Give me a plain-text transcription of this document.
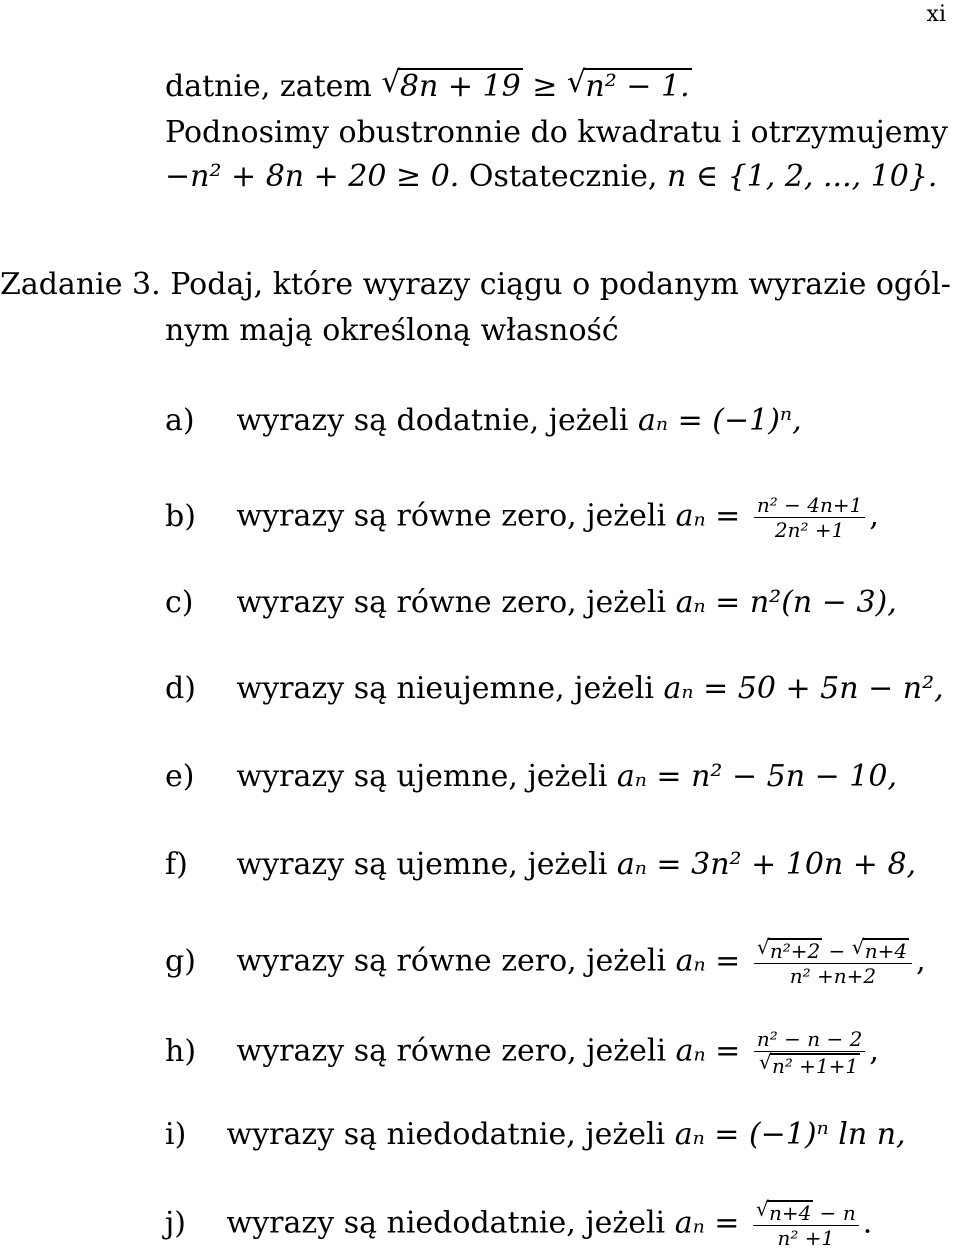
xi
datnie, zatem √ 8n + 19 ≥ √ n² − 1.
Podnosimy obustronnie do kwadratu i otrzymujemy
−n² + 8n + 20 ≥ 0. Ostatecznie, n ∈ {1, 2, ..., 10}.
Zadanie 3. Podaj, które wyrazy ciągu o podanym wyrazie ogól-
nym mają określoną własność
a) wyrazy są dodatnie, jeżeli aₙ = (−1)ⁿ,
b) wyrazy są równe zero, jeżeli $a_n = \frac{\text{n² − 4n+1}}{\text{2n² +1}}$ ,
c) wyrazy są równe zero, jeżeli aₙ = n²(n − 3),
d) wyrazy są nieujemne, jeżeli aₙ = 50 + 5n − n²,
e) wyrazy są ujemne, jeżeli aₙ = n² − 5n − 10,
f) wyrazy są ujemne, jeżeli aₙ = 3n² + 10n + 8,
g) wyrazy są równe zero, jeżeli aₙ = √ $\frac{\text{n²+2 − √ n+4}}{\text{n² +n+2}}$ ,
h) wyrazy są równe zero, jeżeli aₙ = n² − n − 2
√ n² +1+1 ,
i) wyrazy są niedodatnie, jeżeli aₙ = (−1)ⁿ ln n,
j) wyrazy są niedodatnie, jeżeli aₙ = √ $\frac{n+4 - n}{\text{n² +1}}$ .
